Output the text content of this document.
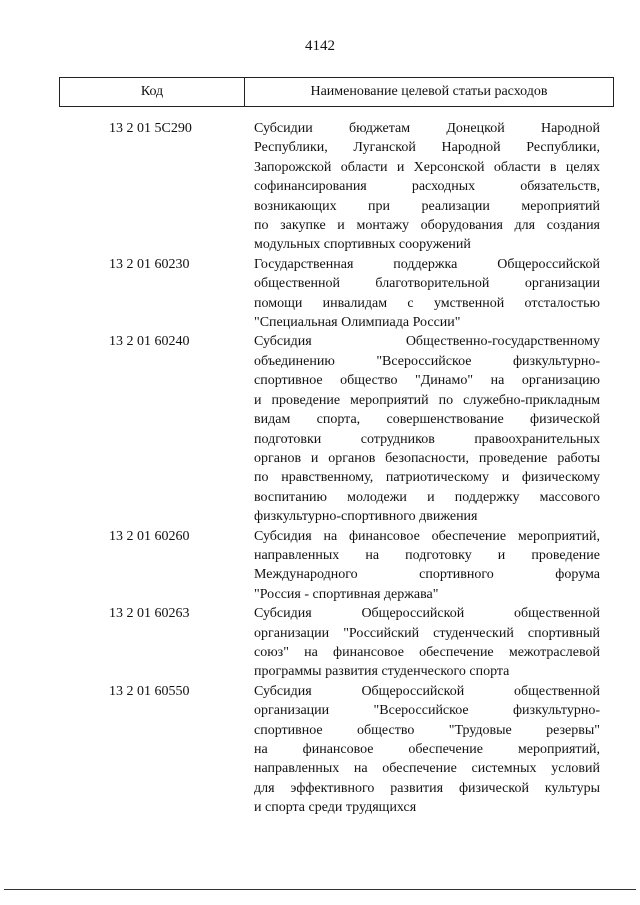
4142
Код	Наименование целевой статьи расходов
13 2 01 5С290	Субсидии бюджетам Донецкой Народной
Республики, Луганской Народной Республики,
Запорожской области и Херсонской области в целях
софинансирования расходных обязательств,
возникающих при реализации мероприятий
по закупке и монтажу оборудования для создания
модульных спортивных сооружений
13 2 01 60230	Государственная поддержка Общероссийской
общественной благотворительной организации
помощи инвалидам с умственной отсталостью
"Специальная Олимпиада России"
13 2 01 60240	Субсидия Общественно-государственному
объединению "Всероссийское физкультурно-
спортивное общество "Динамо" на организацию
и проведение мероприятий по служебно-прикладным
видам спорта, совершенствование физической
подготовки сотрудников правоохранительных
органов и органов безопасности, проведение работы
по нравственному, патриотическому и физическому
воспитанию молодежи и поддержку массового
физкультурно-спортивного движения
13 2 01 60260	Субсидия на финансовое обеспечение мероприятий,
направленных на подготовку и проведение
Международного спортивного форума
"Россия - спортивная держава"
13 2 01 60263	Субсидия Общероссийской общественной
организации "Российский студенческий спортивный
союз" на финансовое обеспечение межотраслевой
программы развития студенческого спорта
13 2 01 60550	Субсидия Общероссийской общественной
организации "Всероссийское физкультурно-
спортивное общество "Трудовые резервы"
на финансовое обеспечение мероприятий,
направленных на обеспечение системных условий
для эффективного развития физической культуры
и спорта среди трудящихся
